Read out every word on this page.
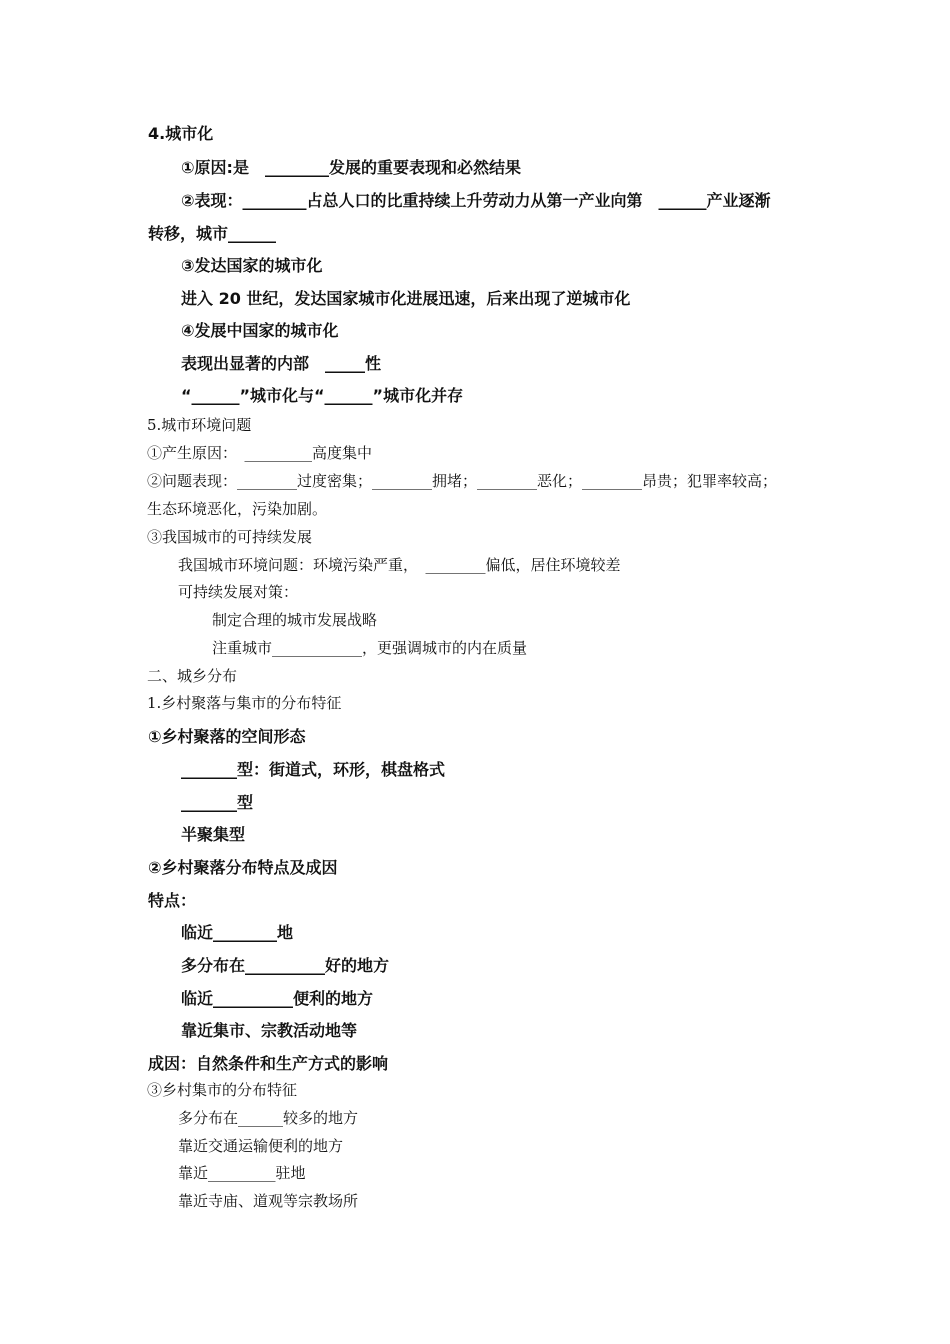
4.城市化
①原因:是　________发展的重要表现和必然结果
②表现：________占总人口的比重持续上升劳动力从第一产业向第　______产业逐渐
转移，城市______
③发达国家的城市化
进入 20 世纪，发达国家城市化进展迅速，后来出现了逆城市化
④发展中国家的城市化
表现出显著的内部　_____性
“______”城市化与“______”城市化并存
5.城市环境问题
①产生原因：　_________高度集中
②问题表现：________过度密集；________拥堵；________恶化；________昂贵；犯罪率较高；
生态环境恶化，污染加剧。
③我国城市的可持续发展
我国城市环境问题：环境污染严重，　________偏低，居住环境较差
可持续发展对策：
制定合理的城市发展战略
注重城市____________，更强调城市的内在质量
二、城乡分布
1.乡村聚落与集市的分布特征
①乡村聚落的空间形态
_______型：街道式，环形，棋盘格式
_______型
半聚集型
②乡村聚落分布特点及成因
特点：
临近________地
多分布在__________好的地方
临近__________便利的地方
靠近集市、宗教活动地等
成因：自然条件和生产方式的影响
③乡村集市的分布特征
多分布在______较多的地方
靠近交通运输便利的地方
靠近_________驻地
靠近寺庙、道观等宗教场所
